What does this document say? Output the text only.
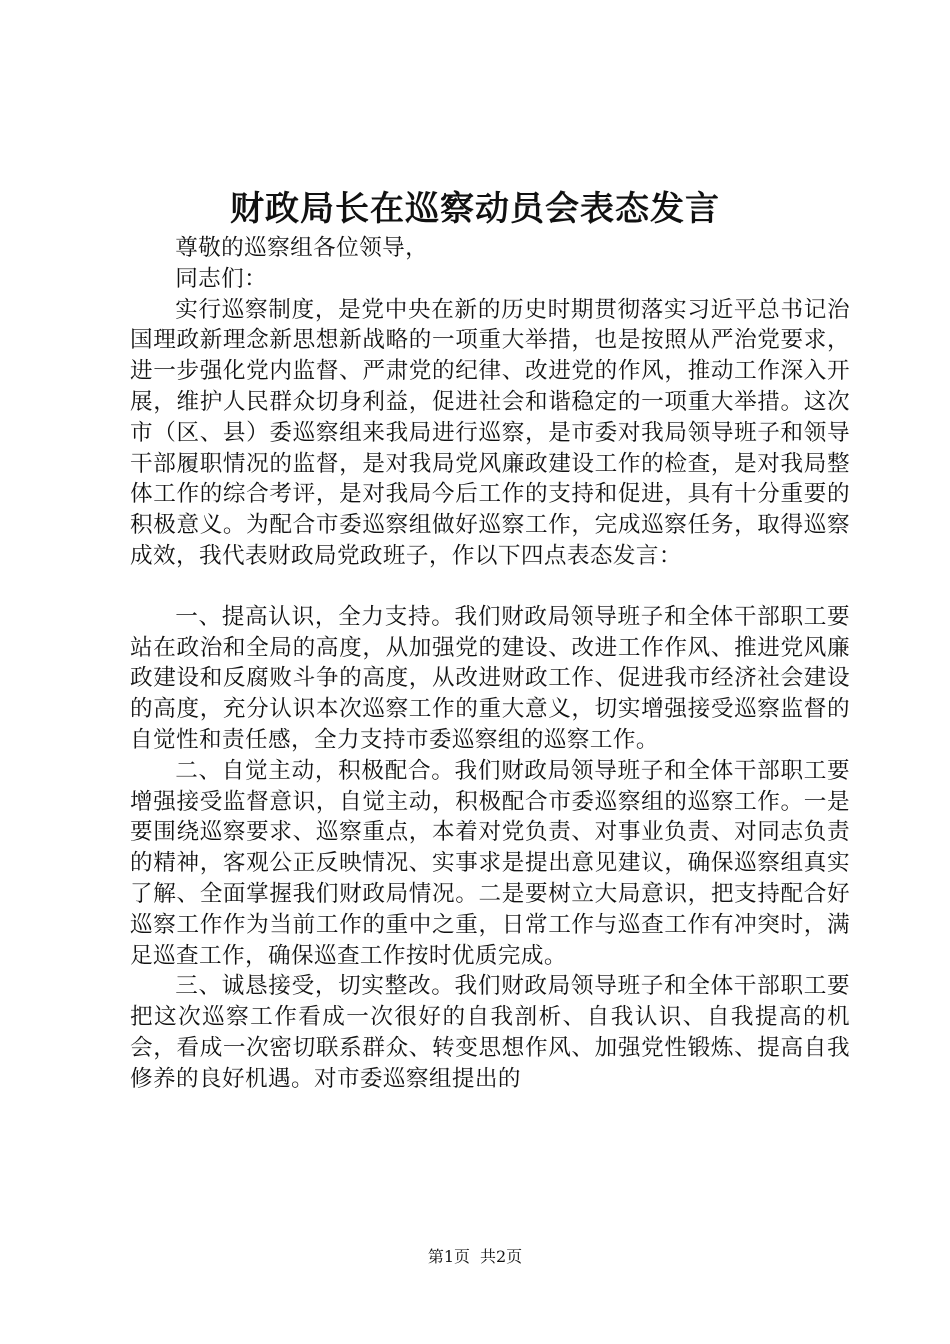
财政局长在巡察动员会表态发言

尊敬的巡察组各位领导，

同志们：

实行巡察制度，是党中央在新的历史时期贯彻落实习近平总书记治国理政新理念新思想新战略的一项重大举措，也是按照从严治党要求，进一步强化党内监督、严肃党的纪律、改进党的作风，推动工作深入开展，维护人民群众切身利益，促进社会和谐稳定的一项重大举措。这次市（区、县）委巡察组来我局进行巡察，是市委对我局领导班子和领导干部履职情况的监督，是对我局党风廉政建设工作的检查，是对我局整体工作的综合考评，是对我局今后工作的支持和促进，具有十分重要的积极意义。为配合市委巡察组做好巡察工作，完成巡察任务，取得巡察成效，我代表财政局党政班子，作以下四点表态发言：

一、提高认识，全力支持。我们财政局领导班子和全体干部职工要站在政治和全局的高度，从加强党的建设、改进工作作风、推进党风廉政建设和反腐败斗争的高度，从改进财政工作、促进我市经济社会建设的高度，充分认识本次巡察工作的重大意义，切实增强接受巡察监督的自觉性和责任感，全力支持市委巡察组的巡察工作。

二、自觉主动，积极配合。我们财政局领导班子和全体干部职工要增强接受监督意识，自觉主动，积极配合市委巡察组的巡察工作。一是要围绕巡察要求、巡察重点，本着对党负责、对事业负责、对同志负责的精神，客观公正反映情况、实事求是提出意见建议，确保巡察组真实了解、全面掌握我们财政局情况。二是要树立大局意识，把支持配合好巡察工作作为当前工作的重中之重，日常工作与巡查工作有冲突时，满足巡查工作，确保巡查工作按时优质完成。

三、诚恳接受，切实整改。我们财政局领导班子和全体干部职工要把这次巡察工作看成一次很好的自我剖析、自我认识、自我提高的机会，看成一次密切联系群众、转变思想作风、加强党性锻炼、提高自我修养的良好机遇。对市委巡察组提出的

第1页 共2页
